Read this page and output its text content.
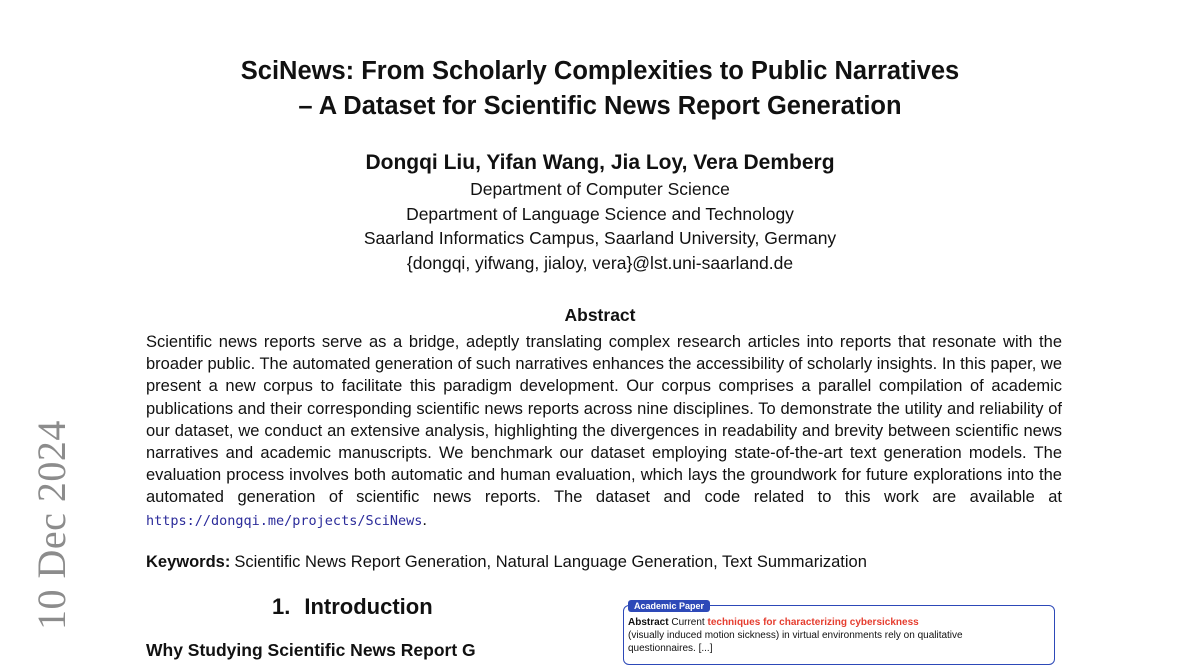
10 Dec 2024
SciNews: From Scholarly Complexities to Public Narratives
– A Dataset for Scientific News Report Generation
Dongqi Liu, Yifan Wang, Jia Loy, Vera Demberg
Department of Computer Science
Department of Language Science and Technology
Saarland Informatics Campus, Saarland University, Germany
{dongqi, yifwang, jialoy, vera}@lst.uni-saarland.de
Abstract
Scientific news reports serve as a bridge, adeptly translating complex research articles into reports that resonate with the broader public. The automated generation of such narratives enhances the accessibility of scholarly insights. In this paper, we present a new corpus to facilitate this paradigm development. Our corpus comprises a parallel compilation of academic publications and their corresponding scientific news reports across nine disciplines. To demonstrate the utility and reliability of our dataset, we conduct an extensive analysis, highlighting the divergences in readability and brevity between scientific news narratives and academic manuscripts. We benchmark our dataset employing state-of-the-art text generation models. The evaluation process involves both automatic and human evaluation, which lays the groundwork for future explorations into the automated generation of scientific news reports. The dataset and code related to this work are available at https://dongqi.me/projects/SciNews.
Keywords: Scientific News Report Generation, Natural Language Generation, Text Summarization
1. Introduction
Why Studying Scientific News Report G
Academic Paper
Abstract Current techniques for characterizing cybersickness
(visually induced motion sickness) in virtual environments rely on qualitative
questionnaires. [...]
